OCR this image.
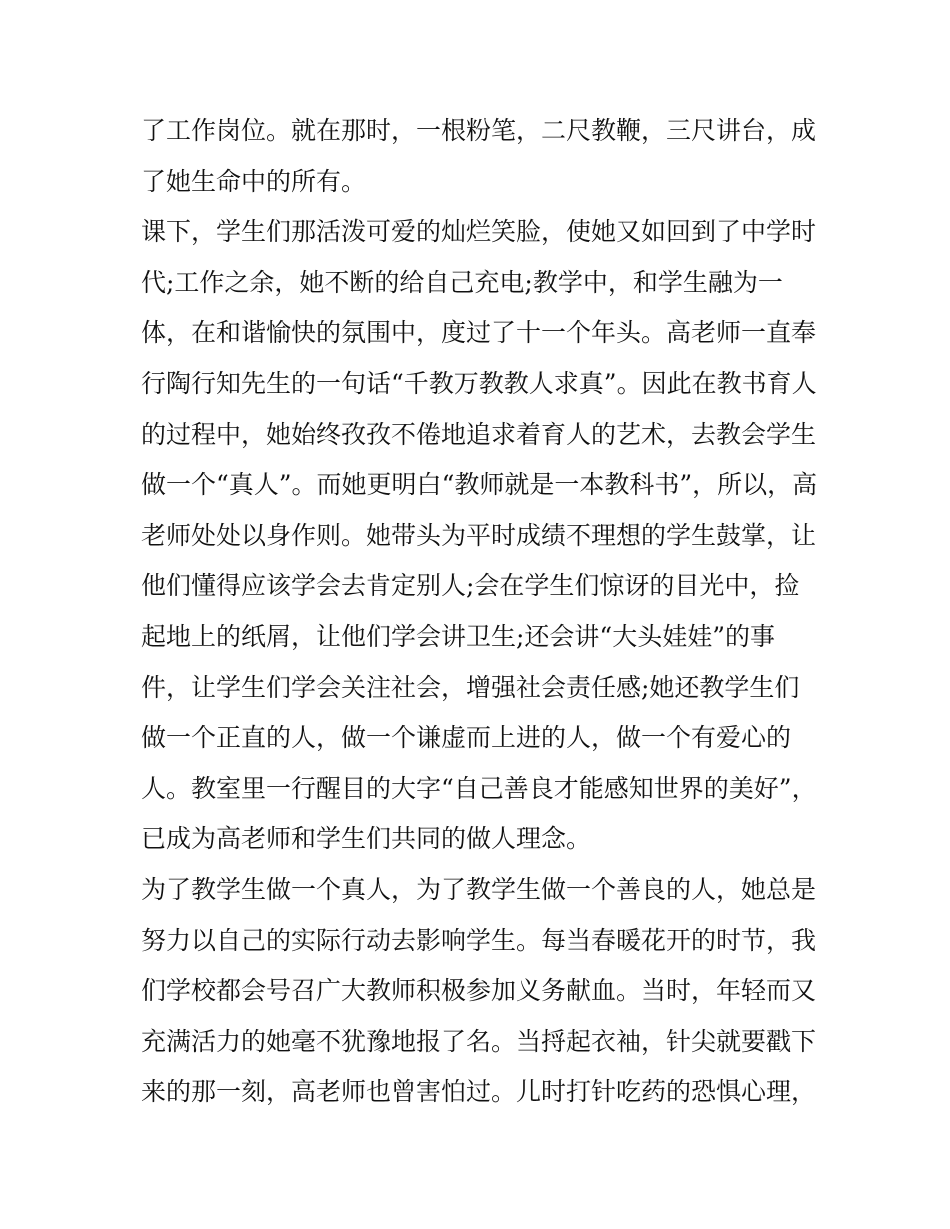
了工作岗位。就在那时，一根粉笔，二尺教鞭，三尺讲台，成
了她生命中的所有。
课下，学生们那活泼可爱的灿烂笑脸，使她又如回到了中学时
代;工作之余，她不断的给自己充电;教学中，和学生融为一
体，在和谐愉快的氛围中，度过了十一个年头。高老师一直奉
行陶行知先生的一句话“千教万教教人求真”。因此在教书育人
的过程中，她始终孜孜不倦地追求着育人的艺术，去教会学生
做一个“真人”。而她更明白“教师就是一本教科书”，所以，高
老师处处以身作则。她带头为平时成绩不理想的学生鼓掌，让
他们懂得应该学会去肯定别人;会在学生们惊讶的目光中，捡
起地上的纸屑，让他们学会讲卫生;还会讲“大头娃娃”的事
件，让学生们学会关注社会，增强社会责任感;她还教学生们
做一个正直的人，做一个谦虚而上进的人，做一个有爱心的
人。教室里一行醒目的大字“自己善良才能感知世界的美好”，
已成为高老师和学生们共同的做人理念。
为了教学生做一个真人，为了教学生做一个善良的人，她总是
努力以自己的实际行动去影响学生。每当春暖花开的时节，我
们学校都会号召广大教师积极参加义务献血。当时，年轻而又
充满活力的她毫不犹豫地报了名。当捋起衣袖，针尖就要戳下
来的那一刻，高老师也曾害怕过。儿时打针吃药的恐惧心理，
